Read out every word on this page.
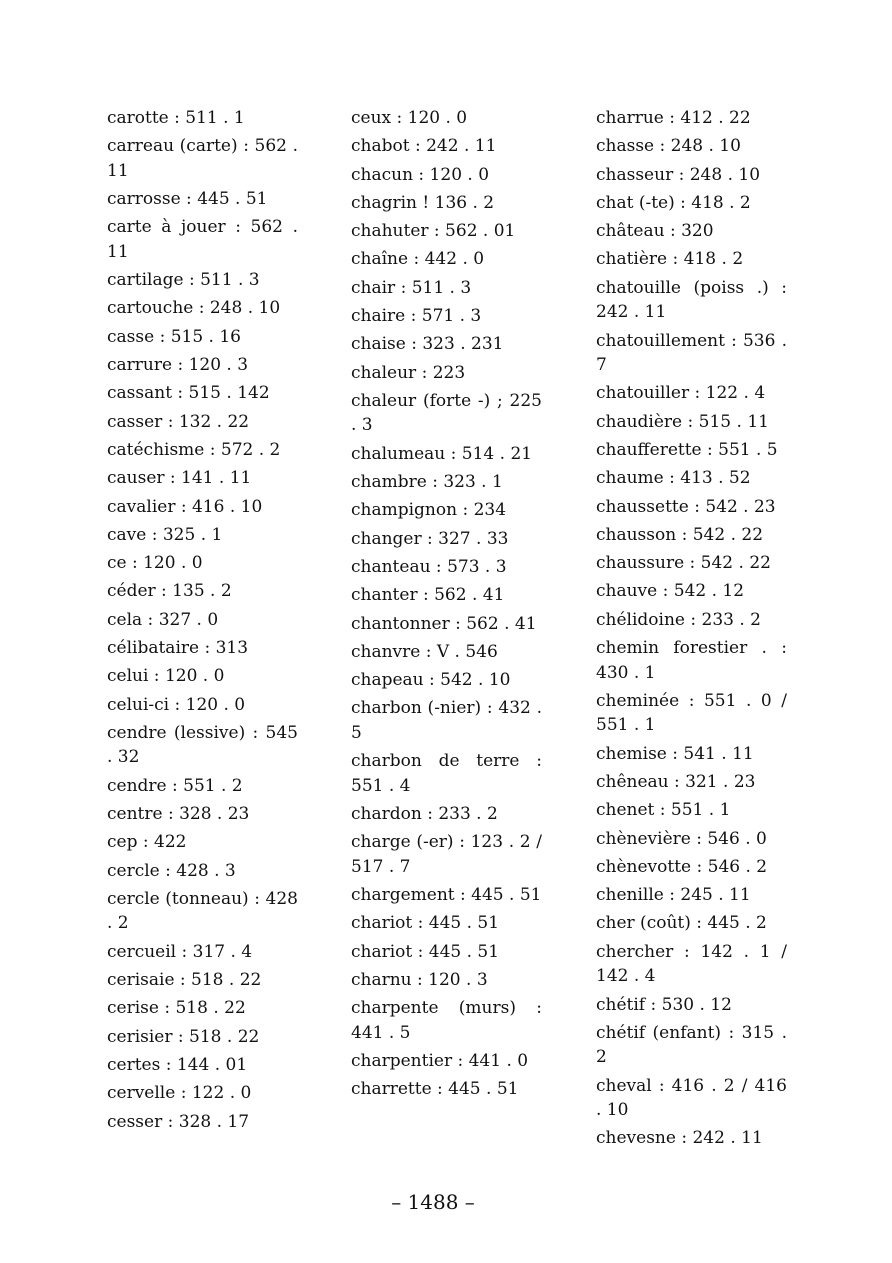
carotte : 511 . 1
carreau (carte) : 562 . 11
carrosse : 445 . 51
carte à jouer : 562 . 11
cartilage : 511 . 3
cartouche : 248 . 10
casse : 515 . 16
carrure : 120 . 3
cassant : 515 . 142
casser : 132 . 22
catéchisme : 572 . 2
causer : 141 . 11
cavalier : 416 . 10
cave : 325 . 1
ce : 120 . 0
céder : 135 . 2
cela : 327 . 0
célibataire : 313
celui : 120 . 0
celui-ci : 120 . 0
cendre (lessive) : 545 . 32
cendre : 551 . 2
centre : 328 . 23
cep : 422
cercle : 428 . 3
cercle (tonneau) : 428 . 2
cercueil : 317 . 4
cerisaie : 518 . 22
cerise : 518 . 22
cerisier : 518 . 22
certes : 144 . 01
cervelle : 122 . 0
cesser : 328 . 17
ceux : 120 . 0
chabot : 242 . 11
chacun : 120 . 0
chagrin ! 136 . 2
chahuter : 562 . 01
chaîne : 442 . 0
chair : 511 . 3
chaire : 571 . 3
chaise : 323 . 231
chaleur : 223
chaleur (forte -) ; 225 . 3
chalumeau : 514 . 21
chambre : 323 . 1
champignon : 234
changer : 327 . 33
chanteau : 573 . 3
chanter : 562 . 41
chantonner : 562 . 41
chanvre : V . 546
chapeau : 542 . 10
charbon (-nier) : 432 . 5
charbon de terre : 551 . 4
chardon : 233 . 2
charge (-er) : 123 . 2 / 517 . 7
chargement : 445 . 51
chariot : 445 . 51
chariot : 445 . 51
charnu : 120 . 3
charpente (murs) : 441 . 5
charpentier : 441 . 0
charrette : 445 . 51
charrue : 412 . 22
chasse : 248 . 10
chasseur : 248 . 10
chat (-te) : 418 . 2
château : 320
chatière : 418 . 2
chatouille (poiss .) : 242 . 11
chatouillement : 536 . 7
chatouiller : 122 . 4
chaudière : 515 . 11
chaufferette : 551 . 5
chaume : 413 . 52
chaussette : 542 . 23
chausson : 542 . 22
chaussure : 542 . 22
chauve : 542 . 12
chélidoine : 233 . 2
chemin forestier . : 430 . 1
cheminée : 551 . 0 / 551 . 1
chemise : 541 . 11
chêneau : 321 . 23
chenet : 551 . 1
chènevière : 546 . 0
chènevotte : 546 . 2
chenille : 245 . 11
cher (coût) : 445 . 2
chercher : 142 . 1 / 142 . 4
chétif : 530 . 12
chétif (enfant) : 315 . 2
cheval : 416 . 2 / 416 . 10
chevesne : 242 . 11
– 1488 –
